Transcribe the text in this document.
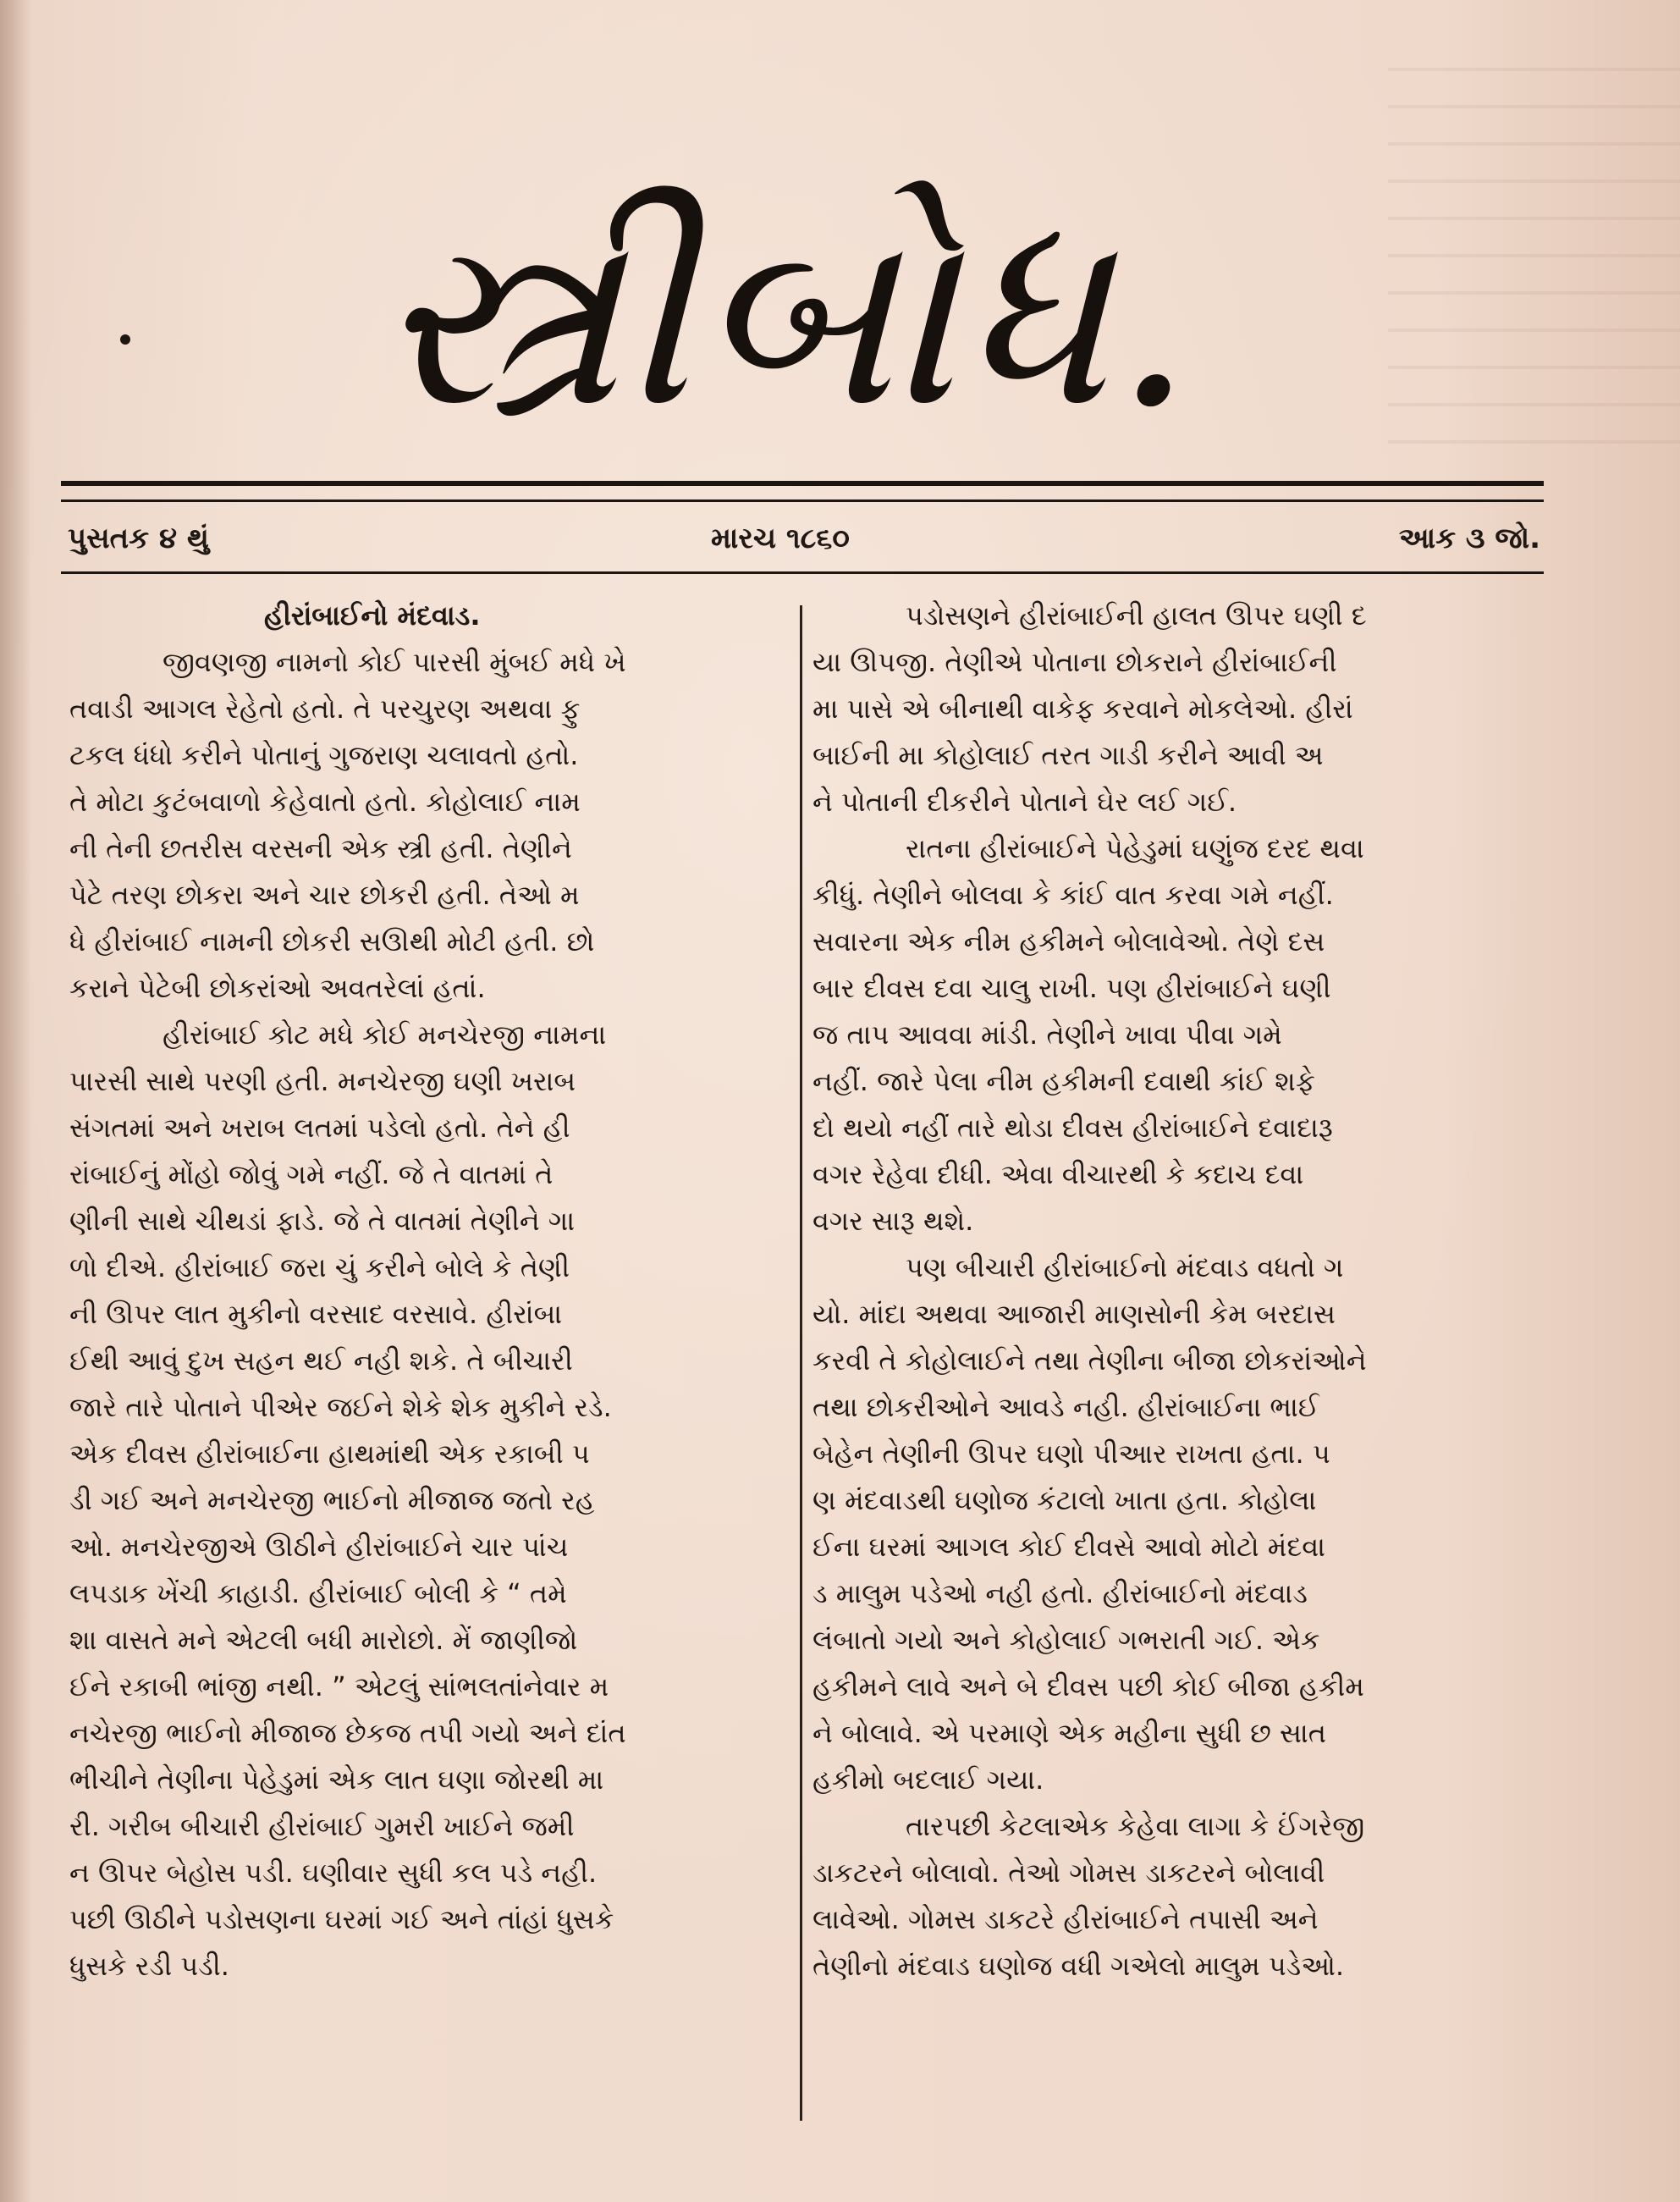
સ્ત્રીબોધ.
પુસતક ૪ થું	મારચ ૧૮૬૦	આક ૩ જો.
હીરાંબાઈનો મંદવાડ.
જીવણજી નામનો કોઈ પારસી મુંબઈ મધે ખે
તવાડી આગલ રેહેતો હતો. તે પરચુરણ અથવા ફુ
ટકલ ધંધો કરીને પોતાનું ગુજરાણ ચલાવતો હતો.
તે મોટા કુટંબવાળો કેહેવાતો હતો. કોહોલાઈ નામ
ની તેની છતરીસ વરસની એક સ્ત્રી હતી. તેણીને
પેટે તરણ છોકરા અને ચાર છોકરી હતી. તેઓ મ
ધે હીરાંબાઈ નામની છોકરી સઊથી મોટી હતી. છો
કરાને પેટેબી છોકરાંઓ અવતરેલાં હતાં.
હીરાંબાઈ કોટ મધે કોઈ મનચેરજી નામના
પારસી સાથે પરણી હતી. મનચેરજી ઘણી ખરાબ
સંગતમાં અને ખરાબ લતમાં પડેલો હતો. તેને હી
રાંબાઈનું મોંહો જોવું ગમે નહીં. જે તે વાતમાં તે
ણીની સાથે ચીથડાં ફાડે. જે તે વાતમાં તેણીને ગા
ળો દીએ. હીરાંબાઈ જરા ચું કરીને બોલે કે તેણી
ની ઊપર લાત મુકીનો વરસાદ વરસાવે. હીરાંબા
ઈથી આવું દુખ સહન થઈ નહી શકે. તે બીચારી
જારે તારે પોતાને પીએર જઈને શેકે શેક મુકીને રડે.
એક દીવસ હીરાંબાઈના હાથમાંથી એક રકાબી પ
ડી ગઈ અને મનચેરજી ભાઈનો મીજાજ જતો રહ
ઓ. મનચેરજીએ ઊઠીને હીરાંબાઈને ચાર પાંચ
લપડાક ખેંચી કાહાડી. હીરાંબાઈ બોલી કે “ તમે
શા વાસતે મને એટલી બધી મારોછો. મેં જાણીજો
ઈને રકાબી ભાંજી નથી. ” એટલું સાંભલતાંનેવાર મ
નચેરજી ભાઈનો મીજાજ છેકજ તપી ગયો અને દાંત
ભીચીને તેણીના પેહેડુમાં એક લાત ઘણા જોરથી મા
રી. ગરીબ બીચારી હીરાંબાઈ ગુમરી ખાઈને જમી
ન ઊપર બેહોસ પડી. ઘણીવાર સુધી કલ પડે નહી.
પછી ઊઠીને પડોસણના ઘરમાં ગઈ અને તાંહાં ધુસકે
ધુસકે રડી પડી.
પડોસણને હીરાંબાઈની હાલત ઊપર ઘણી દ
યા ઊપજી. તેણીએ પોતાના છોકરાને હીરાંબાઈની
મા પાસે એ બીનાથી વાકેફ કરવાને મોકલેઓ. હીરાં
બાઈની મા કોહોલાઈ તરત ગાડી કરીને આવી અ
ને પોતાની દીકરીને પોતાને ઘેર લઈ ગઈ.
રાતના હીરાંબાઈને પેહેડુમાં ઘણુંજ દરદ થવા
કીધું. તેણીને બોલવા કે કાંઈ વાત કરવા ગમે નહીં.
સવારના એક નીમ હકીમને બોલાવેઓ. તેણે દસ
બાર દીવસ દવા ચાલુ રાખી. પણ હીરાંબાઈને ઘણી
જ તાપ આવવા માંડી. તેણીને ખાવા પીવા ગમે
નહીં. જારે પેલા નીમ હકીમની દવાથી કાંઈ શફે
દો થયો નહીં તારે થોડા દીવસ હીરાંબાઈને દવાદારૂ
વગર રેહેવા દીધી. એવા વીચારથી કે કદાચ દવા
વગર સારૂ થશે.
પણ બીચારી હીરાંબાઈનો મંદવાડ વધતો ગ
યો. માંદા અથવા આજારી માણસોની કેમ બરદાસ
કરવી તે કોહોલાઈને તથા તેણીના બીજા છોકરાંઓને
તથા છોકરીઓને આવડે નહી. હીરાંબાઈના ભાઈ
બેહેન તેણીની ઊપર ઘણો પીઆર રાખતા હતા. પ
ણ મંદવાડથી ઘણોજ કંટાલો ખાતા હતા. કોહોલા
ઈના ઘરમાં આગલ કોઈ દીવસે આવો મોટો મંદવા
ડ માલુમ પડેઓ નહી હતો. હીરાંબાઈનો મંદવાડ
લંબાતો ગયો અને કોહોલાઈ ગભરાતી ગઈ. એક
હકીમને લાવે અને બે દીવસ પછી કોઈ બીજા હકીમ
ને બોલાવે. એ પરમાણે એક મહીના સુધી છ સાત
હકીમો બદલાઈ ગયા.
તારપછી કેટલાએક કેહેવા લાગા કે ઈંગરેજી
ડાકટરને બોલાવો. તેઓ ગોમસ ડાકટરને બોલાવી
લાવેઓ. ગોમસ ડાકટરે હીરાંબાઈને તપાસી અને
તેણીનો મંદવાડ ઘણોજ વધી ગએલો માલુમ પડેઓ.
